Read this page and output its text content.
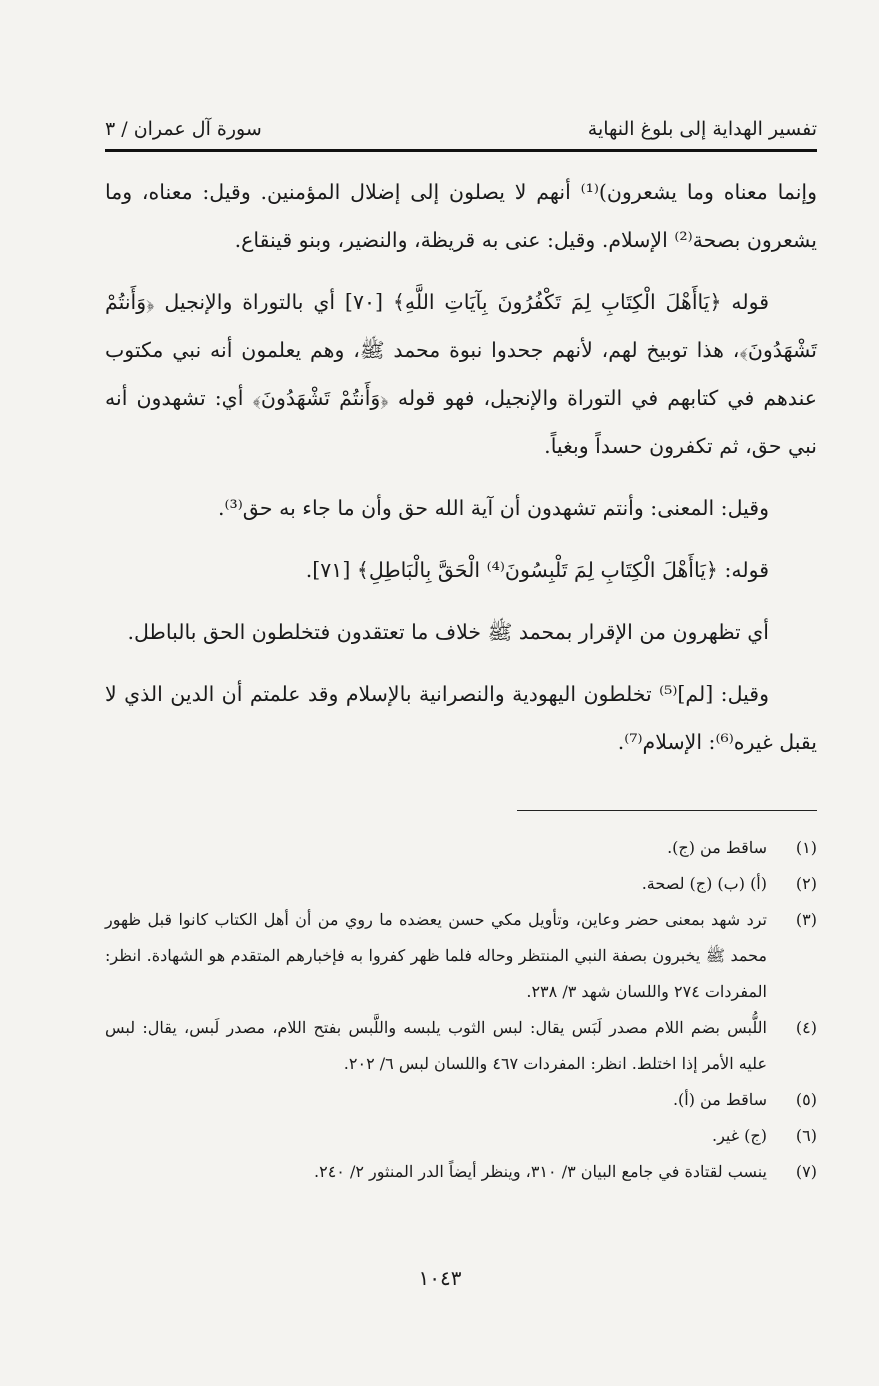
تفسير الهداية إلى بلوغ النهاية
سورة آل عمران / ٣

وإنما معناه وما يشعرون)⁽¹⁾ أنهم لا يصلون إلى إضلال المؤمنين. وقيل: معناه، وما يشعرون بصحة⁽²⁾ الإسلام. وقيل: عنى به قريظة، والنضير، وبنو قينقاع.

قوله ﴿يَاأَهْلَ الْكِتَابِ لِمَ تَكْفُرُونَ بِآيَاتِ اللَّهِ﴾ [٧٠] أي بالتوراة والإنجيل ﴿وَأَنتُمْ تَشْهَدُونَ﴾، هذا توبيخ لهم، لأنهم جحدوا نبوة محمد ﷺ، وهم يعلمون أنه نبي مكتوب عندهم في كتابهم في التوراة والإنجيل، فهو قوله ﴿وَأَنتُمْ تَشْهَدُونَ﴾ أي: تشهدون أنه نبي حق، ثم تكفرون حسداً وبغياً.

وقيل: المعنى: وأنتم تشهدون أن آية الله حق وأن ما جاء به حق⁽³⁾.

قوله: ﴿يَاأَهْلَ الْكِتَابِ لِمَ تَلْبِسُونَ⁽⁴⁾ الْحَقَّ بِالْبَاطِلِ﴾ [٧١].

أي تظهرون من الإقرار بمحمد ﷺ خلاف ما تعتقدون فتخلطون الحق بالباطل.

وقيل: [لم]⁽⁵⁾ تخلطون اليهودية والنصرانية بالإسلام وقد علمتم أن الدين الذي لا يقبل غيره⁽⁶⁾: الإسلام⁽⁷⁾.

(١)
ساقط من (ج).
(٢)
(أ) (ب) (ج) لصحة.
(٣)
ترد شهد بمعنى حضر وعاين، وتأويل مكي حسن يعضده ما روي من أن أهل الكتاب كانوا قبل ظهور محمد ﷺ يخبرون بصفة النبي المنتظر وحاله فلما ظهر كفروا به فإخبارهم المتقدم هو الشهادة. انظر: المفردات ٢٧٤ واللسان شهد ٣/ ٢٣٨.
(٤)
اللُّبس بضم اللام مصدر لَبَس يقال: لبس الثوب يلبسه واللَّبس بفتح اللام، مصدر لَبس، يقال: لبس عليه الأمر إذا اختلط. انظر: المفردات ٤٦٧ واللسان لبس ٦/ ٢٠٢.
(٥)
ساقط من (أ).
(٦)
(ج) غير.
(٧)
ينسب لقتادة في جامع البيان ٣/ ٣١٠، وينظر أيضاً الدر المنثور ٢/ ٢٤٠.
١٠٤٣
